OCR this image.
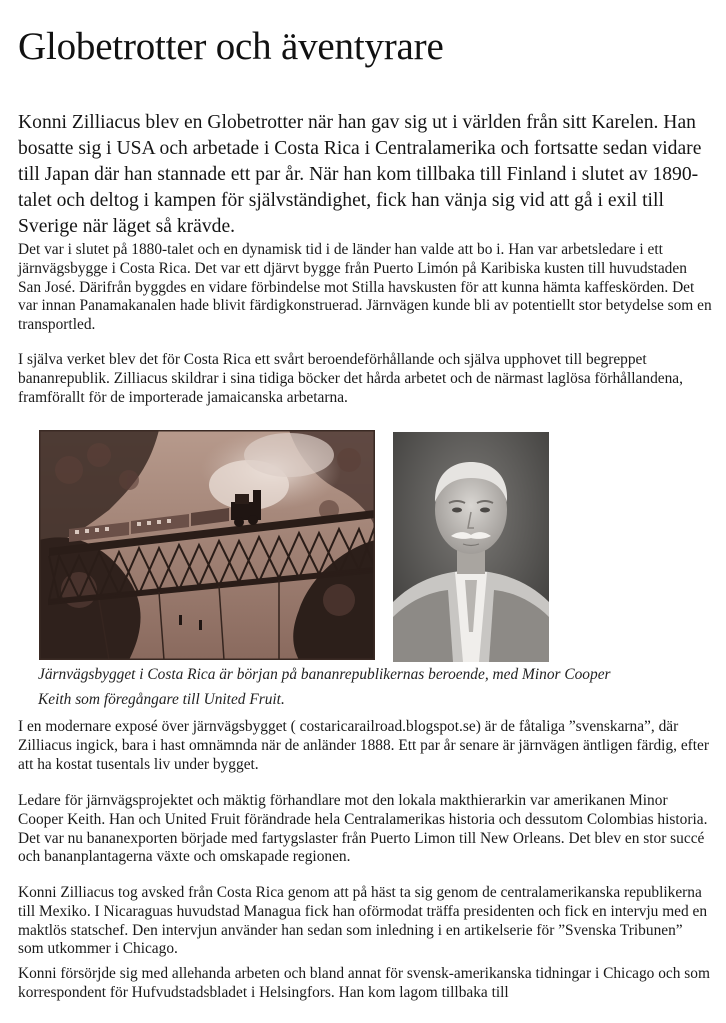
Globetrotter och äventyrare

Konni Zilliacus blev en Globetrotter när han gav sig ut i världen från sitt Karelen. Han bosatte sig i USA och arbetade i Costa Rica i Centralamerika och fortsatte sedan vidare till Japan där han stannade ett par år. När han kom tillbaka till Finland i slutet av 1890-talet och deltog i kampen för självständighet, fick han vänja sig vid att gå i exil till Sverige när läget så krävde.

Det var i slutet på 1880-talet och en dynamisk tid i de länder han valde att bo i. Han var arbetsledare i ett järnvägsbygge i Costa Rica. Det var ett djärvt bygge från Puerto Limón på Karibiska kusten till huvudstaden San José. Därifrån byggdes en vidare förbindelse mot Stilla havskusten för att kunna hämta kaffeskörden. Det var innan Panamakanalen hade blivit färdigkonstruerad. Järnvägen kunde bli av potentiellt stor betydelse som en transportled.

I själva verket blev det för Costa Rica ett svårt beroendeförhållande och själva upphovet till begreppet bananrepublik. Zilliacus skildrar i sina tidiga böcker det hårda arbetet och de närmast laglösa förhållandena, framförallt för de importerade jamaicanska arbetarna.

Järnvägsbygget i Costa Rica är början på bananrepublikernas beroende, med Minor Cooper
Keith som föregångare till United Fruit.

I en modernare exposé över järnvägsbygget ( costaricarailroad.blogspot.se) är de fåtaliga ”svenskarna”, där Zilliacus ingick, bara i hast omnämnda när de anländer 1888. Ett par år senare är järnvägen äntligen färdig, efter att ha kostat tusentals liv under bygget.

Ledare för järnvägsprojektet och mäktig förhandlare mot den lokala makthierarkin var amerikanen Minor Cooper Keith. Han och United Fruit förändrade hela Centralamerikas historia och dessutom Colombias historia. Det var nu bananexporten började med fartygslaster från Puerto Limon till New Orleans. Det blev en stor succé och bananplantagerna växte och omskapade regionen.

Konni Zilliacus tog avsked från Costa Rica genom att på häst ta sig genom de centralamerikanska republikerna till Mexiko. I Nicaraguas huvudstad Managua fick han oförmodat träffa presidenten och fick en intervju med en maktlös statschef. Den intervjun använder han sedan som inledning i en artikelserie för ”Svenska Tribunen” som utkommer i Chicago.

Konni försörjde sig med allehanda arbeten och bland annat för svensk-amerikanska tidningar i Chicago och som korrespondent för Hufvudstadsbladet i Helsingfors. Han kom lagom tillbaka till
